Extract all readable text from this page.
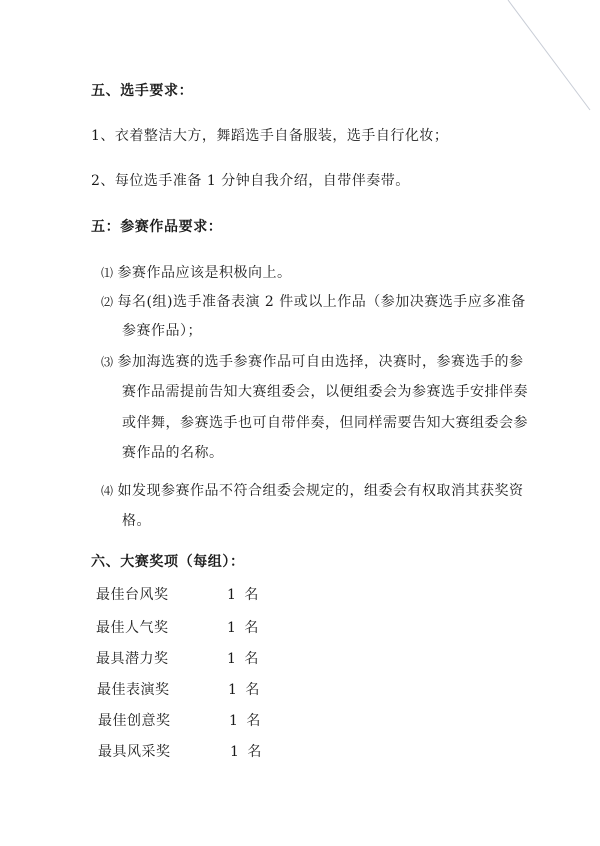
五、选手要求：
1、衣着整洁大方，舞蹈选手自备服装，选手自行化妆；
2、每位选手准备 1 分钟自我介绍，自带伴奏带。
五：参赛作品要求：
⑴ 参赛作品应该是积极向上。
⑵ 每名(组)选手准备表演 2 件或以上作品（参加决赛选手应多准备
参赛作品）；
⑶ 参加海选赛的选手参赛作品可自由选择，决赛时，参赛选手的参
赛作品需提前告知大赛组委会，以便组委会为参赛选手安排伴奏
或伴舞，参赛选手也可自带伴奏，但同样需要告知大赛组委会参
赛作品的名称。
⑷ 如发现参赛作品不符合组委会规定的，组委会有权取消其获奖资
格。
六、大赛奖项（每组）：
最佳台风奖	1 名
最佳人气奖	1 名
最具潜力奖	1 名
最佳表演奖	1 名
最佳创意奖	1 名
最具风采奖	1 名
